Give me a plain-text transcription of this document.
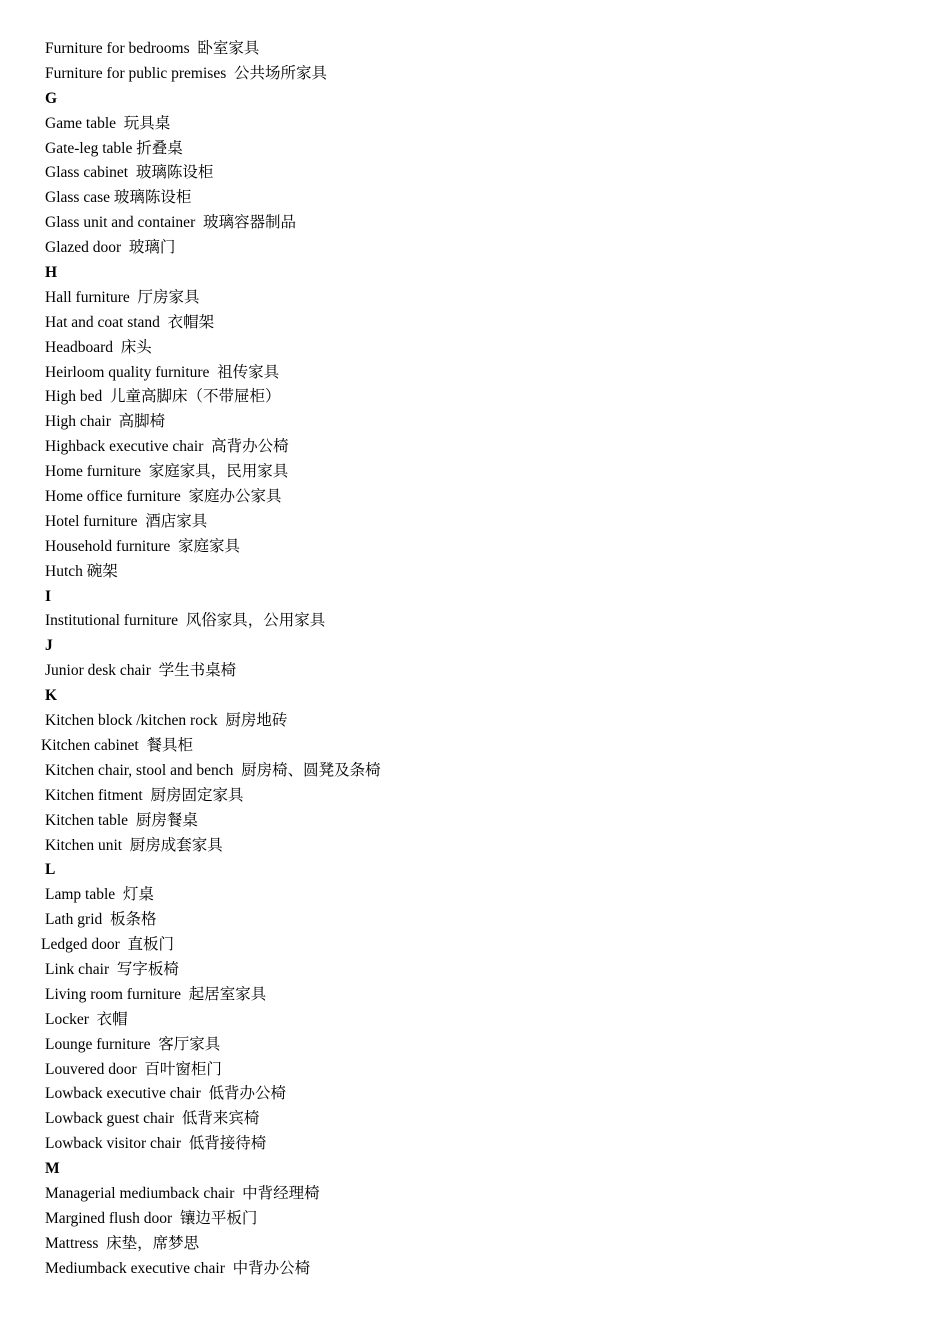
Furniture for bedrooms  卧室家具
Furniture for public premises  公共场所家具
G
Game table  玩具桌
Gate-leg table 折叠桌
Glass cabinet  玻璃陈设柜
Glass case 玻璃陈设柜
Glass unit and container  玻璃容器制品
Glazed door  玻璃门
H
Hall furniture  厅房家具
Hat and coat stand  衣帽架
Headboard  床头
Heirloom quality furniture  祖传家具
High bed  儿童高脚床（不带屉柜）
High chair  高脚椅
Highback executive chair  高背办公椅
Home furniture  家庭家具，民用家具
Home office furniture  家庭办公家具
Hotel furniture  酒店家具
Household furniture  家庭家具
Hutch 碗架
I
Institutional furniture  风俗家具，公用家具
J
Junior desk chair  学生书桌椅
K
Kitchen block /kitchen rock  厨房地砖
Kitchen cabinet  餐具柜
Kitchen chair, stool and bench  厨房椅、圆凳及条椅
Kitchen fitment  厨房固定家具
Kitchen table  厨房餐桌
Kitchen unit  厨房成套家具
L
Lamp table  灯桌
Lath grid  板条格
Ledged door  直板门
Link chair  写字板椅
Living room furniture  起居室家具
Locker  衣帽
Lounge furniture  客厅家具
Louvered door  百叶窗柜门
Lowback executive chair  低背办公椅
Lowback guest chair  低背来宾椅
Lowback visitor chair  低背接待椅
M
Managerial mediumback chair  中背经理椅
Margined flush door  镶边平板门
Mattress  床垫，席梦思
Mediumback executive chair  中背办公椅
